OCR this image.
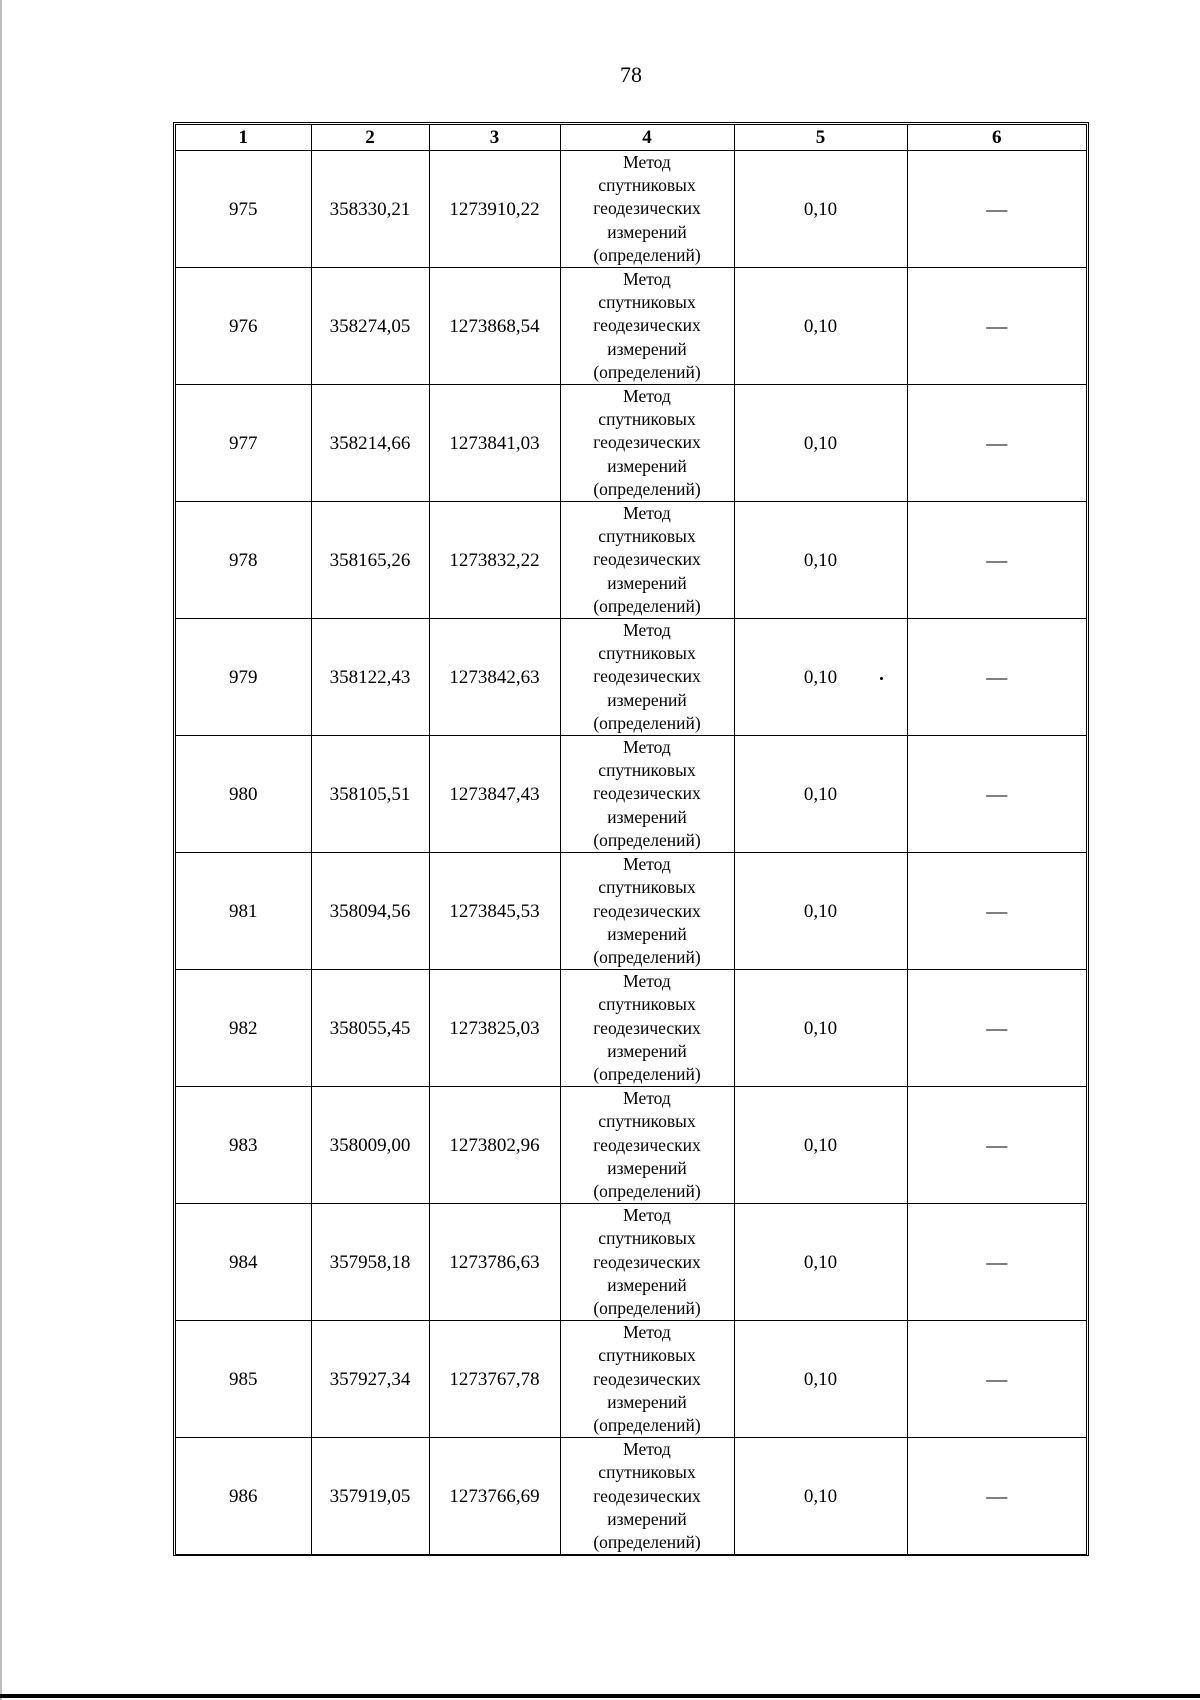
78
1	2	3	4	5	6
975	358330,21	1273910,22	Метод
спутниковых
геодезических
измерений
(определений)	0,10	—
976	358274,05	1273868,54	Метод
спутниковых
геодезических
измерений
(определений)	0,10	—
977	358214,66	1273841,03	Метод
спутниковых
геодезических
измерений
(определений)	0,10	—
978	358165,26	1273832,22	Метод
спутниковых
геодезических
измерений
(определений)	0,10	—
979	358122,43	1273842,63	Метод
спутниковых
геодезических
измерений
(определений)	0,10	—
980	358105,51	1273847,43	Метод
спутниковых
геодезических
измерений
(определений)	0,10	—
981	358094,56	1273845,53	Метод
спутниковых
геодезических
измерений
(определений)	0,10	—
982	358055,45	1273825,03	Метод
спутниковых
геодезических
измерений
(определений)	0,10	—
983	358009,00	1273802,96	Метод
спутниковых
геодезических
измерений
(определений)	0,10	—
984	357958,18	1273786,63	Метод
спутниковых
геодезических
измерений
(определений)	0,10	—
985	357927,34	1273767,78	Метод
спутниковых
геодезических
измерений
(определений)	0,10	—
986	357919,05	1273766,69	Метод
спутниковых
геодезических
измерений
(определений)	0,10	—
